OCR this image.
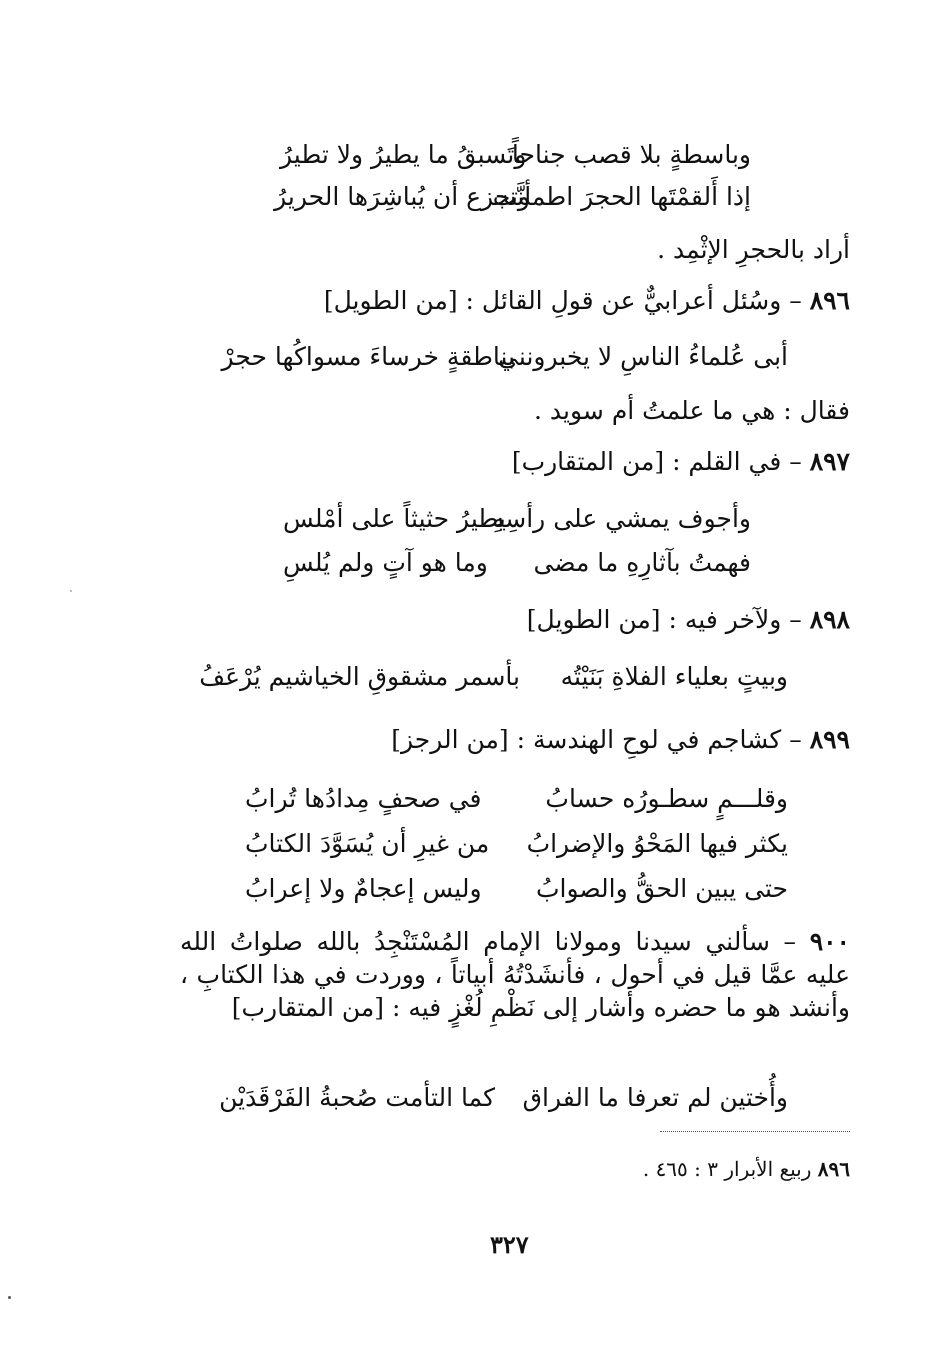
وباسطةٍ بلا قصب جناحاً
وتَسبقُ ما يطيرُ ولا تطيرُ
إذا أَلقمْتَها الحجرَ اطمأنَّت
وتجزع أن يُباشِرَها الحريرُ
أراد بالحجرِ الإثْمِد .
٨٩٦ – وسُئل أعرابيٌّ عن قولِ القائل : [من الطويل]
أبى عُلماءُ الناسِ لا يخبرونني
بناطقةٍ خرساءَ مسواكُها حجرْ
فقال : هي ما علمتُ أم سويد .
٨٩٧ – في القلم : [من المتقارب]
وأجوف يمشي على رأسِهِ
يطيرُ حثيثاً على أمْلس
فهمتُ بآثارِهِ ما مضى
وما هو آتٍ ولم يُلسِ
٨٩٨ – ولآخر فيه : [من الطويل]
وبيتٍ بعلياء الفلاةِ بَنَيْتُه
بأسمر مشقوقِ الخياشيم يُرْعَفُ
٨٩٩ – كشاجم في لوحِ الهندسة : [من الرجز]
وقلـــمٍ سطـورُه حسابُ
في صحفٍ مِدادُها تُرابُ
يكثر فيها المَحْوُ والإضرابُ
من غيرِ أن يُسَوَّدَ الكتابُ
حتى يبين الحقُّ والصوابُ
وليس إعجامٌ ولا إعرابُ
٩٠٠ – سألني سيدنا ومولانا الإمام المُسْتَنْجِدُ بالله صلواتُ الله عليه عمَّا قيل في أحول ، فأنشَدْتُهُ أبياتاً ، ووردت في هذا الكتابِ ، وأنشد هو ما حضره وأشار إلى نَظْمِ لُغْزٍ فيه : [من المتقارب]
وأُختين لم تعرفا ما الفراق
كما التأمت صُحبةُ الفَرْقَدَيْن
٨٩٦ ربيع الأبرار ٣ : ٤٦٥ .
٣٢٧
